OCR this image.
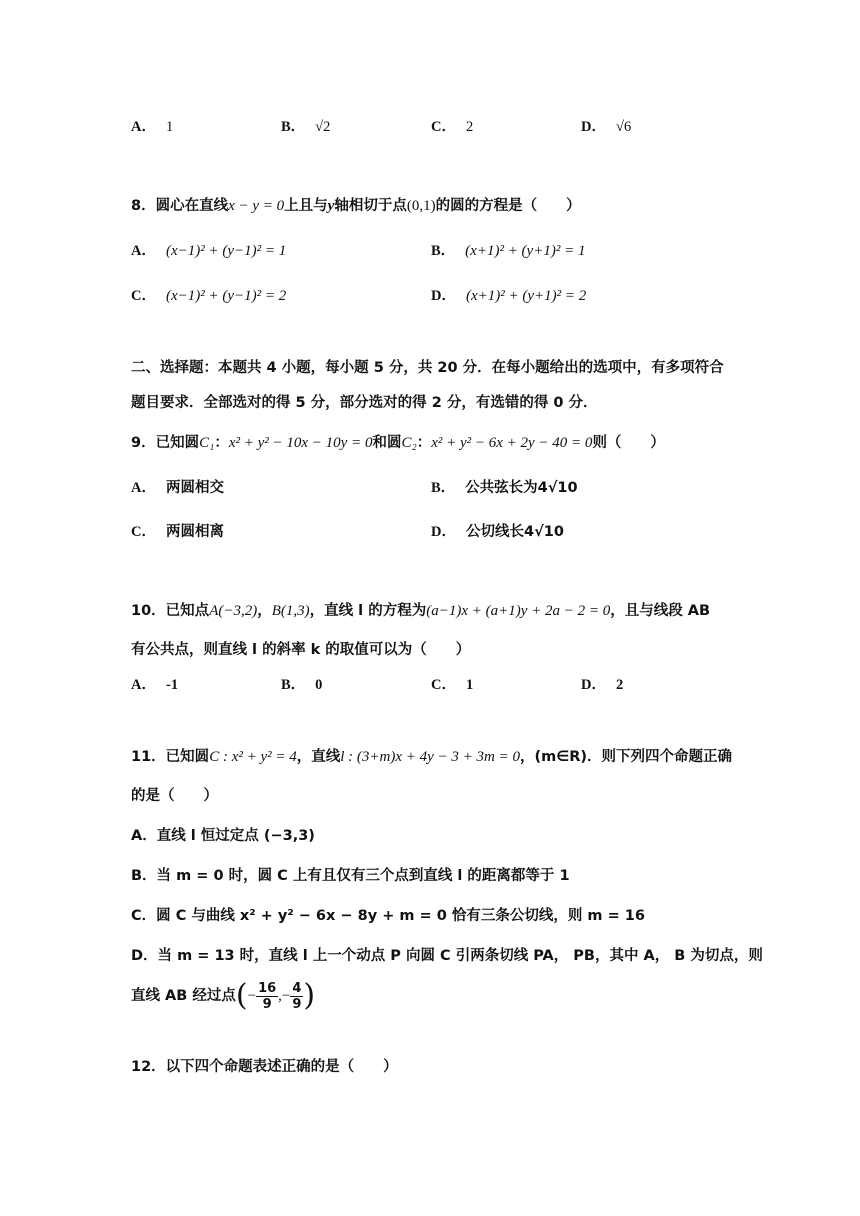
A． 1	B． √2	C． 2	D． √6
8．圆心在直线x − y = 0上且与y轴相切于点(0,1)的圆的方程是（　　）
A． (x−1)² + (y−1)² = 1	B． (x+1)² + (y+1)² = 1
C． (x−1)² + (y−1)² = 2	D． (x+1)² + (y+1)² = 2
二、选择题：本题共 4 小题，每小题 5 分，共 20 分．在每小题给出的选项中，有多项符合
题目要求．全部选对的得 5 分，部分选对的得 2 分，有选错的得 0 分．
9．已知圆C₁：x² + y² − 10x − 10y = 0和圆C₂：x² + y² − 6x + 2y − 40 = 0则（　　）
A． 两圆相交	B． 公共弦长为4√10
C． 两圆相离	D． 公切线长4√10
10．已知点A(−3,2)，B(1,3)，直线 l 的方程为(a−1)x + (a+1)y + 2a − 2 = 0，且与线段 AB
有公共点，则直线 l 的斜率 k 的取值可以为（　　）
A． -1	B． 0	C． 1	D． 2
11．已知圆C : x² + y² = 4，直线l : (3+m)x + 4y − 3 + 3m = 0，(m∈R)．则下列四个命题正确
的是（　　）
A．直线 l 恒过定点 (−3,3)
B．当 m = 0 时，圆 C 上有且仅有三个点到直线 l 的距离都等于 1
C．圆 C 与曲线 x² + y² − 6x − 8y + m = 0 恰有三条公切线，则 m = 16
D．当 m = 13 时，直线 l 上一个动点 P 向圆 C 引两条切线 PA， PB，其中 A， B 为切点，则
直线 AB 经过点(− $\frac{16}{9}$ ,− $\frac{4}{9}$ )
12．以下四个命题表述正确的是（　　）
